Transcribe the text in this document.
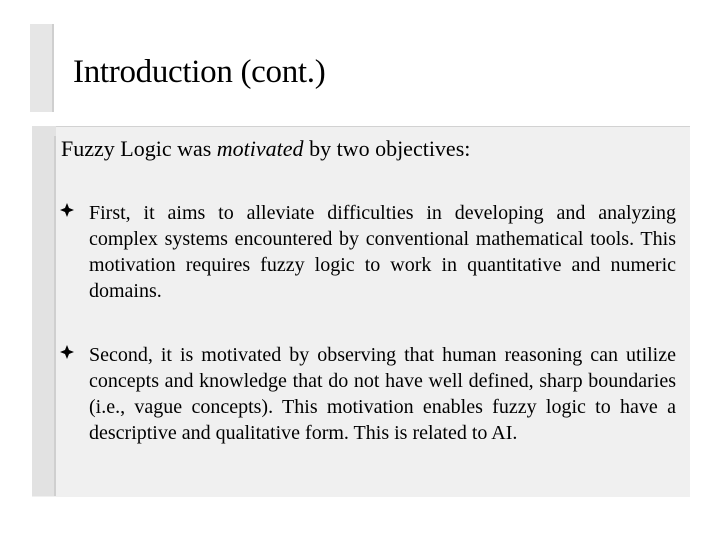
Introduction (cont.)
Fuzzy Logic was motivated by two objectives:
First, it aims to alleviate difficulties in developing and analyzing complex systems encountered by conventional mathematical tools. This motivation requires fuzzy logic to work in quantitative and numeric domains.
Second, it is motivated by observing that human reasoning can utilize concepts and knowledge that do not have well defined, sharp boundaries (i.e., vague concepts). This motivation enables fuzzy logic to have a descriptive and qualitative form. This is related to AI.
